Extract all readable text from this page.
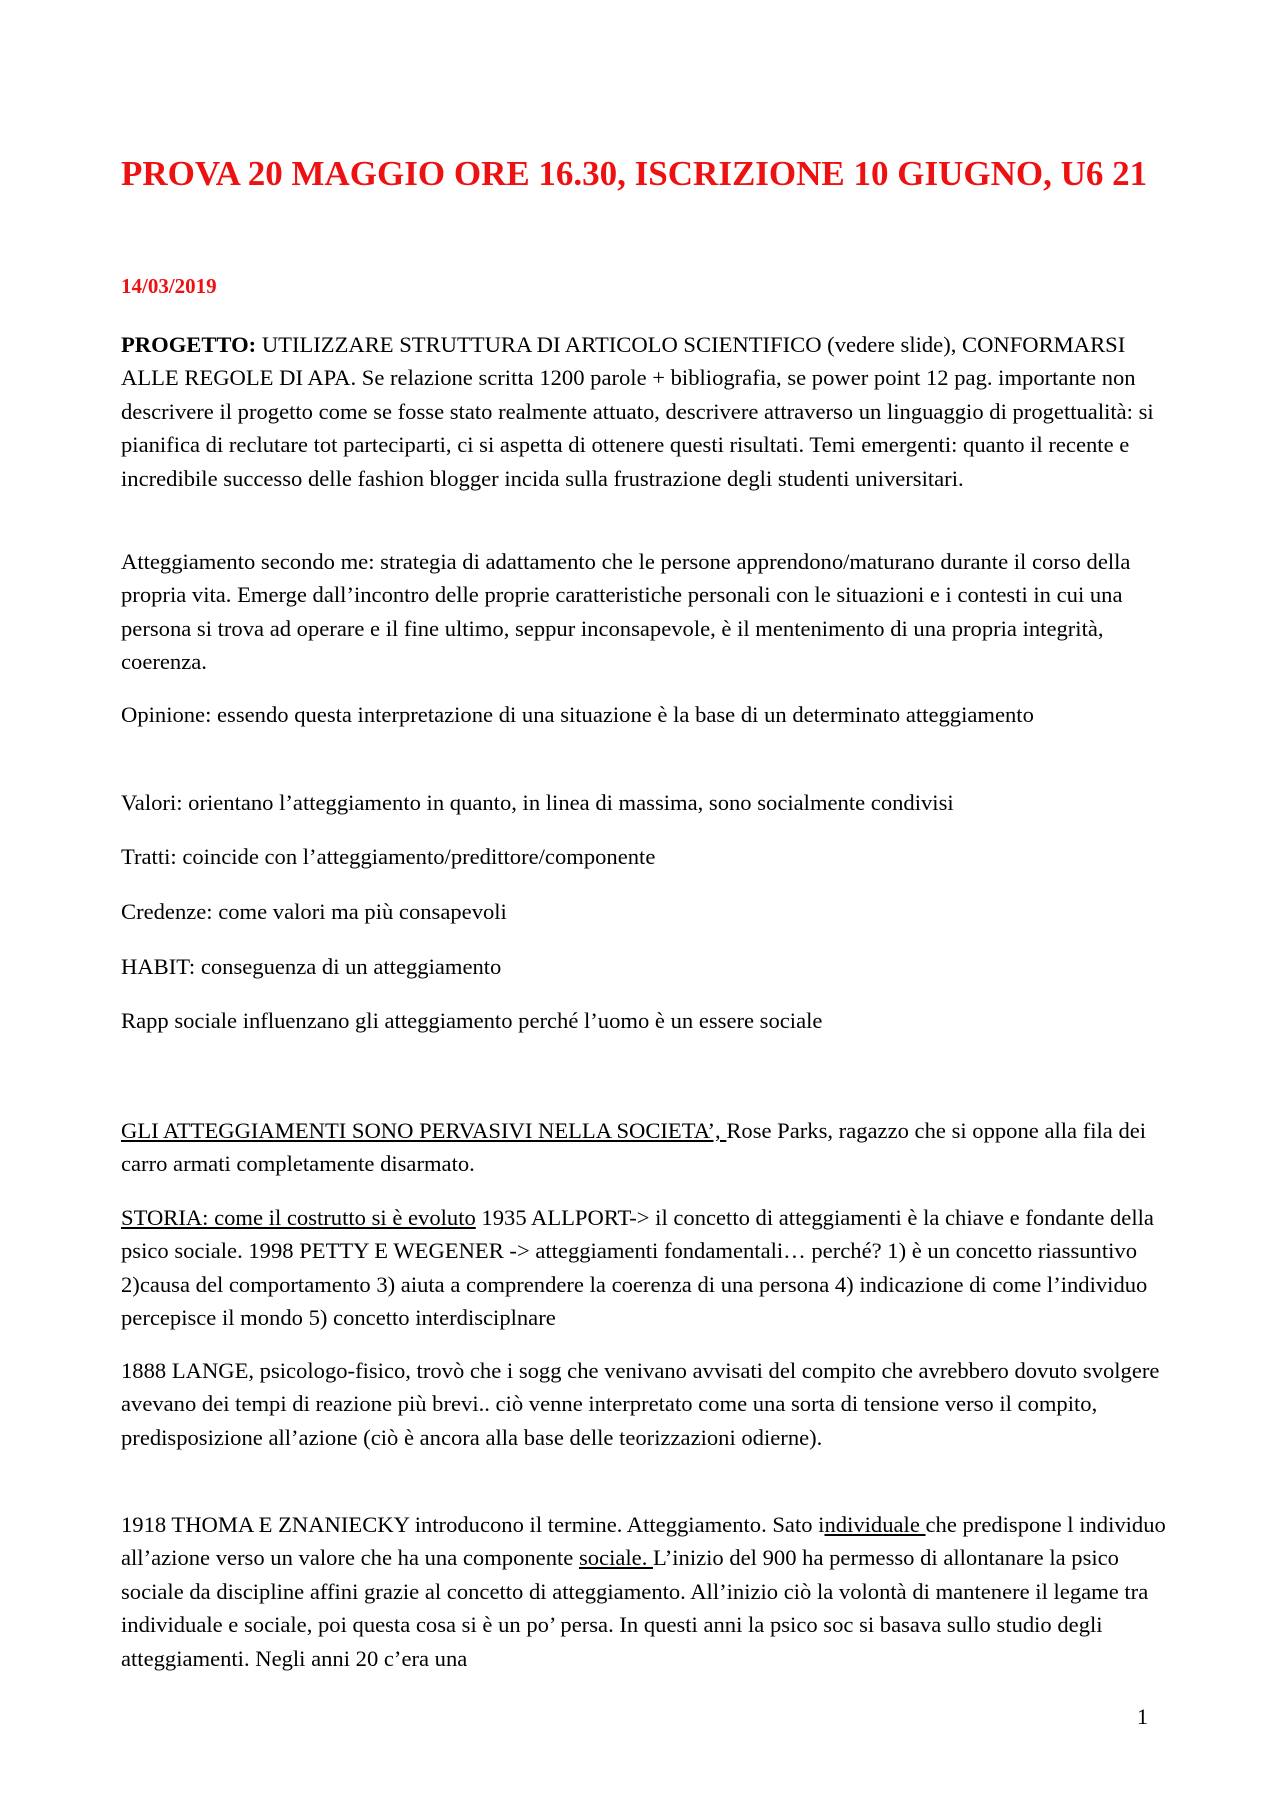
PROVA 20 MAGGIO ORE 16.30, ISCRIZIONE 10 GIUGNO, U6 21

14/03/2019

PROGETTO: UTILIZZARE STRUTTURA DI ARTICOLO SCIENTIFICO (vedere slide), CONFORMARSI ALLE REGOLE DI APA. Se relazione scritta 1200 parole + bibliografia, se power point 12 pag. importante non descrivere il progetto come se fosse stato realmente attuato, descrivere attraverso un linguaggio di progettualità: si pianifica di reclutare tot parteciparti, ci si aspetta di ottenere questi risultati. Temi emergenti: quanto il recente e incredibile successo delle fashion blogger incida sulla frustrazione degli studenti universitari.

Atteggiamento secondo me: strategia di adattamento che le persone apprendono/maturano durante il corso della propria vita. Emerge dall’incontro delle proprie caratteristiche personali con le situazioni e i contesti in cui una persona si trova ad operare e il fine ultimo, seppur inconsapevole, è il mentenimento di una propria integrità, coerenza.

Opinione: essendo questa interpretazione di una situazione è la base di un determinato atteggiamento

Valori: orientano l’atteggiamento in quanto, in linea di massima, sono socialmente condivisi

Tratti: coincide con l’atteggiamento/predittore/componente

Credenze: come valori ma più consapevoli

HABIT: conseguenza di un atteggiamento

Rapp sociale influenzano gli atteggiamento perché l’uomo è un essere sociale

GLI ATTEGGIAMENTI SONO PERVASIVI NELLA SOCIETA’, Rose Parks, ragazzo che si oppone alla fila dei carro armati completamente disarmato.

STORIA: come il costrutto si è evoluto 1935 ALLPORT-> il concetto di atteggiamenti è la chiave e fondante della psico sociale. 1998 PETTY E WEGENER -> atteggiamenti fondamentali… perché? 1) è un concetto riassuntivo 2)causa del comportamento 3) aiuta a comprendere la coerenza di una persona 4) indicazione di come l’individuo percepisce il mondo 5) concetto interdisciplnare

1888 LANGE, psicologo-fisico, trovò che i sogg che venivano avvisati del compito che avrebbero dovuto svolgere avevano dei tempi di reazione più brevi.. ciò venne interpretato come una sorta di tensione verso il compito, predisposizione all’azione (ciò è ancora alla base delle teorizzazioni odierne).

1918 THOMA E ZNANIECKY introducono il termine. Atteggiamento. Sato individuale che predispone l individuo all’azione verso un valore che ha una componente sociale. L’inizio del 900 ha permesso di allontanare la psico sociale da discipline affini grazie al concetto di atteggiamento. All’inizio ciò la volontà di mantenere il legame tra individuale e sociale, poi questa cosa si è un po’ persa. In questi anni la psico soc si basava sullo studio degli atteggiamenti. Negli anni 20 c’era una

1
